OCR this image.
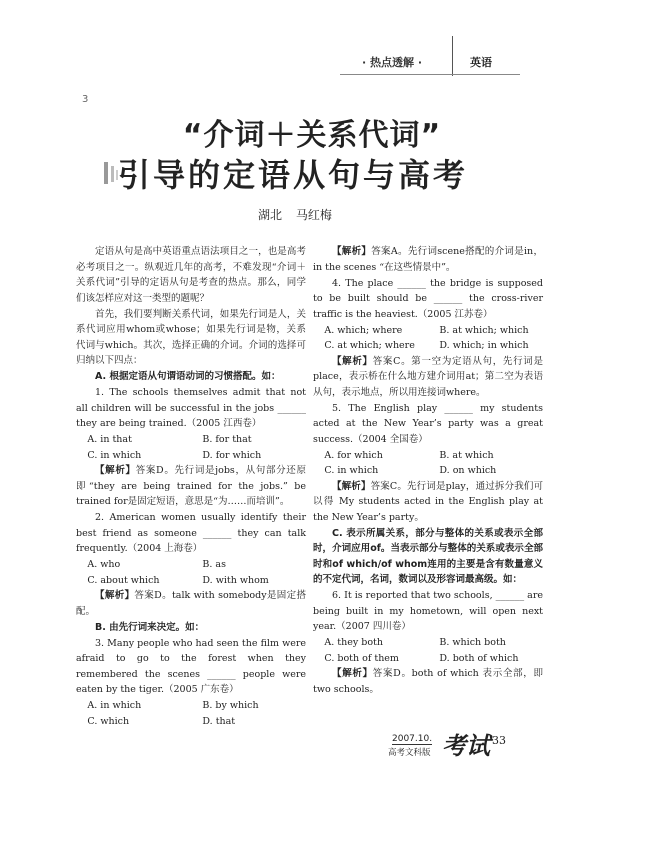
· 热点透解 ·	英语
3
“介词＋关系代词”
引导的定语从句与高考
湖北 马红梅

定语从句是高中英语重点语法项目之一，也是高考必考项目之一。纵观近几年的高考，不难发现“介词＋关系代词”引导的定语从句是考查的热点。那么，同学们该怎样应对这一类型的题呢？

首先，我们要判断关系代词，如果先行词是人，关系代词应用whom或whose；如果先行词是物，关系代词与which。其次，选择正确的介词。介词的选择可归纳以下四点：

A. 根据定语从句谓语动词的习惯搭配。如：

1. The schools themselves admit that not all children will be successful in the jobs ______ they are being trained.（2005 江西卷）

A. in that	B. for that
C. in which	D. for which

【解析】答案D。先行词是jobs，从句部分还原即“they are being trained for the jobs.” be trained for是固定短语，意思是“为……而培训”。

2. American women usually identify their best friend as someone ______ they can talk frequently.（2004 上海卷）

A. who	B. as
C. about which	D. with whom

【解析】答案D。talk with somebody是固定搭配。

B. 由先行词来决定。如：

3. Many people who had seen the film were afraid to go to the forest when they remembered the scenes ______ people were eaten by the tiger.（2005 广东卷）

A. in which	B. by which
C. which	D. that

【解析】答案A。先行词scene搭配的介词是in，in the scenes “在这些情景中”。

4. The place ______ the bridge is supposed to be built should be ______ the cross-river traffic is the heaviest.（2005 江苏卷）

A. which; where	B. at which; which
C. at which; where	D. which; in which

【解析】答案C。第一空为定语从句，先行词是place，表示桥在什么地方建介词用at；第二空为表语从句，表示地点，所以用连接词where。

5. The English play ______ my students acted at the New Year’s party was a great success.（2004 全国卷）

A. for which	B. at which
C. in which	D. on which

【解析】答案C。先行词是play，通过拆分我们可以得 My students acted in the English play at the New Year’s party。

C. 表示所属关系，部分与整体的关系或表示全部时，介词应用of。当表示部分与整体的关系或表示全部时和of which/of whom连用的主要是含有数量意义的不定代词，名词，数词以及形容词最高级。如：

6. It is reported that two schools, ______ are being built in my hometown, will open next year.（2007 四川卷）

A. they both	B. which both
C. both of them	D. both of which

【解析】答案D。both of which 表示全部，即two schools。

2007.10.
高考文科版 考试 33
